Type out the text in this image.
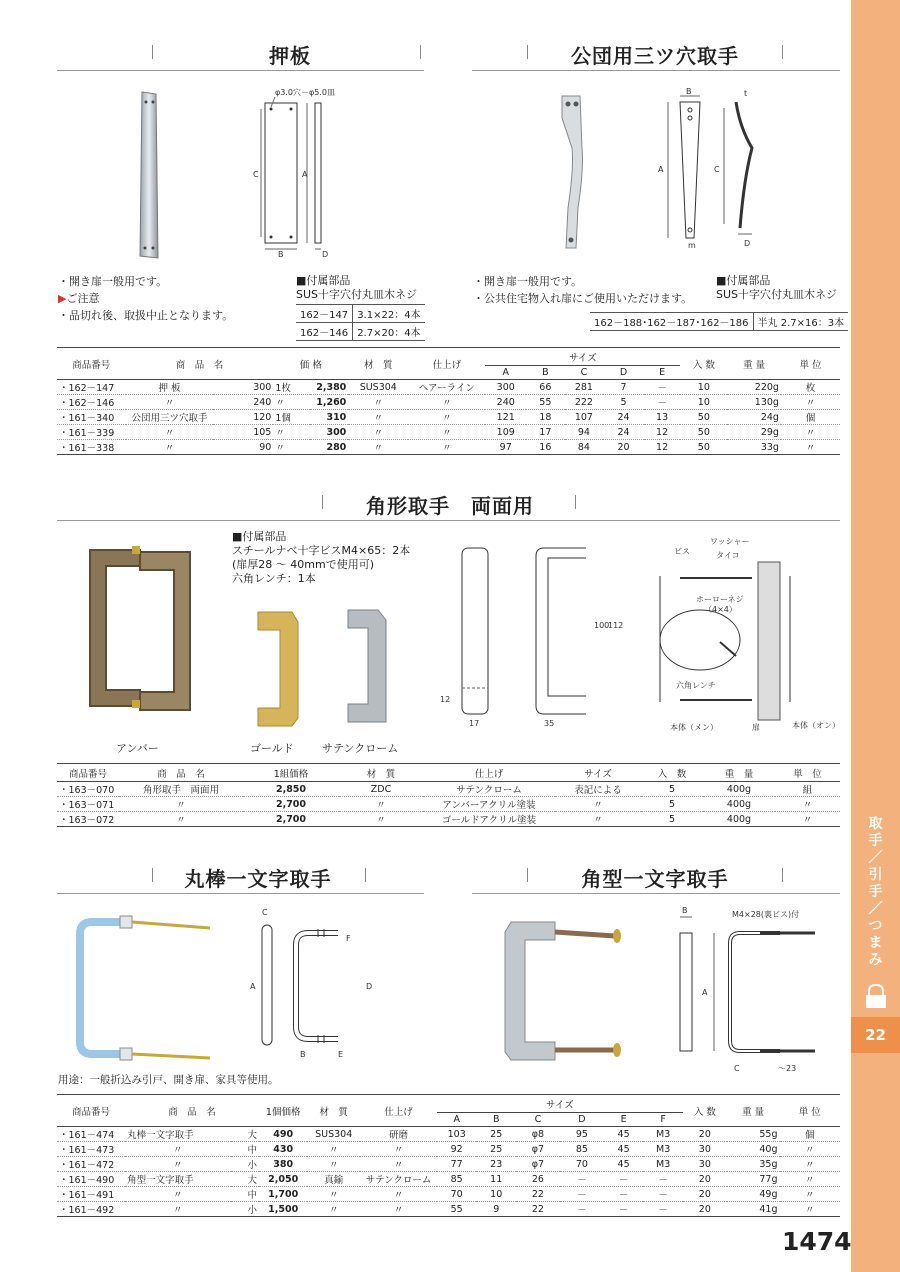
押板	公団用三ツ穴取手
φ3.0穴－φ5.0皿
C	A
B	D
・開き扉一般用です。
▶ご注意
・品切れ後、取扱中止となります。
■付属部品
SUS十字穴付丸皿木ネジ
162－147	3.1×22：4本
162－146	2.7×20：4本
B	t
A	C
m	D
・開き扉一般用です。
・公共住宅物入れ扉にご使用いただけます。
■付属部品
SUS十字穴付丸皿木ネジ
162－188･162－187･162－186	半丸 2.7×16：3本
商品番号	商　品　名		価 格		材　質	仕上げ	サイズ					入 数	重 量	単 位
							A	B	C	D	E			
・162－147	押 板	300	1枚	2,380	SUS304	ヘアーライン	300	66	281	7	－	10	220g	枚
・162－146	〃	240	〃	1,260	〃	〃	240	55	222	5	－	10	130g	〃
・161－340	公団用三ツ穴取手	120	1個	310	〃	〃	121	18	107	24	13	50	24g	個
・161－339	〃	105	〃	300	〃	〃	109	17	94	24	12	50	29g	〃
・161－338	〃	90	〃	280	〃	〃	97	16	84	20	12	50	33g	〃
角形取手　両面用
■付属部品
スチールナベ十字ビスM4×65：2本
(扉厚28 ～ 40mmで使用可)
六角レンチ：1本
アンバー	ゴールド	サテンクローム
12
17	35
100
112
ビス
ワッシャー
タイコ
ホーローネジ
（4×4）
六角レンチ
本体（メン）	扉	本体（オン）
商品番号	商　品　名	1組価格	材　質	仕上げ	サイズ	入　数	重　量	単　位
・163－070	角形取手　両面用	2,850	ZDC	サテンクローム	表記による	5	400g	組
・163－071	〃	2,700	〃	アンバーアクリル塗装	〃	5	400g	〃
・163－072	〃	2,700	〃	ゴールドアクリル塗装	〃	5	400g	〃
丸棒一文字取手	角型一文字取手
C
F
A	D
B	E
B	M4×28(裏ビス)付
A
C	～23
用途：一般折込み引戸、開き扉、家具等使用。
商品番号	商　品　名		1個価格	材　質	仕上げ	サイズ						入 数	重 量	単 位
						A	B	C	D	E	F			
・161－474	丸棒一文字取手	大	490	SUS304	研磨	103	25	φ8	95	45	M3	20	55g	個
・161－473	〃	中	430	〃	〃	92	25	φ7	85	45	M3	30	40g	〃
・161－472	〃	小	380	〃	〃	77	23	φ7	70	45	M3	30	35g	〃
・161－490	角型一文字取手	大	2,050	真鍮	サテンクローム	85	11	26	－	－	－	20	77g	〃
・161－491	〃	中	1,700	〃	〃	70	10	22	－	－	－	20	49g	〃
・161－492	〃	小	1,500	〃	〃	55	9	22	－	－	－	20	41g	〃
取
手
／
引
手
／
つ
ま
み
22
1474
